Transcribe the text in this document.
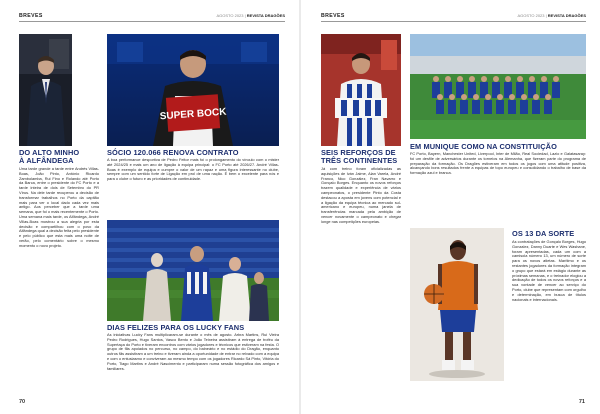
BREVES	AGOSTO 2023 | REVISTA DRAGÕES
SUPER BOCK
DO ALTO MINHO
À ALFÂNDEGA
Uma tarde grande a tarde entre Andrés Villas-Boas, João Pinto, António Ricardo Zambolamba, Rui Fino e Rolando até Porto da Barca, entre o presidente do FC Porto e a tarde inteira de dois de Setembro do PR Vírus. Na dele tarde recuperou a decisão de transformar trabalhos no Porto da capitão mais para ver o local dado cada vez mais antigo. Aos perceber que a tarde uma semana, que foi o mais recentemente o Porto. Uma semana mais tarde, os Alfândega, André Villas-Boas mostrou a sua alegria por esta decisão e compartilhou com o povo da Alfândega qual a decisão feita pelo presidente e pelo público que esta mais uma noite de verão, pelo comentário sobre o mesmo momento o novo projeto.
SÓCIO 120.066 RENOVA CONTRATO
A boa performance desportiva de Pedro Feitor mais foi o prolongamento do vínculo com o mister até 2024/25 e mais um ano de ligação à equipa principal: o FC Porto até 2026/27. André Villas-Boas é exemplo de equipa e cumpre o valor de um rapaz e uma figura interessante no clube, sempre com um sentido forte de Ligação em prol de uma nação. É bem o excelente para nós e para o clube o futuro e as prioridades de continuidade.
DIAS FELIZES PARA OS LUCKY FANS
As iniciativas Lucky Fans multiplicaram-se durante o mês de agosto. Arbra Martins, Rui Vieira Pedro Rodrigues, Hugo Santos, Vasco Bento e João Teixeira assistiram à entrega de troféu da Supertaça do Porto e tiveram encontros com vários jogadores e técnicos que estiveram na festa. O grupo de fãs apoiados no percurso, no campo, do balneário e no estádio do Dragão, enquanto outros fãs assistiram a um treino e tiveram ainda a oportunidade de entrar no relvado com a equipa e com o entusiasmo e conviveram ao mesmo tempo com os jogadores Ricardo Sá Pinto, Vitória do Porto, Tiago Martins e André Nascimento e participaram numa sessão fotográfica dos amigos e familiares.
70
BREVES	AGOSTO 2023 | REVISTA DRAGÕES
SEIS REFORÇOS DE
TRÊS CONTINENTES
Já com treino foram oficializadas as aquisições de Iván Jaime, Alan Varela, André Franco, Nico González, Fran Navarro e Gonçalo Borges. Enquanto os novos reforços trazem qualidade e experiência de vários campeonatos, o presidente Pinto da Costa destacou a aposta em jovens com potencial e a ligação da equipa técnica ao mercado sul-americano e europeu, numa janela de transferências marcada pela ambição de vencer novamente o campeonato e chegar longe nas competições europeias.
EM MUNIQUE COMO NA CONSTITUIÇÃO
FC Porto, Bayern, Manchester United, Liverpool, Inter de Milão, Real Sociedad, Lazio e Galatasaray: foi um desfile de adversários durante os torneios na Alemanha, que fizeram parte do programa de preparação da formação. Os Dragões estiveram em todos os jogos com uma atitude positiva, alcançando bons resultados frente a equipas de topo europeu e consolidando o trabalho de base da formação azul e branca.
OS 13 DA SORTE
As contratações de Gonçalo Borges, Hugo Gonzalez, Danny Duarte e Wes Washane, foram apresentadas, cada um com a camisola número 13, um número de sorte para os novos atletas. Marítimo e os restantes jogadores da formação integram o grupo que estará em estágio durante as próximas semanas, e o treinador elogiou a dedicação de todos os novos reforços e a sua vontade de vencer ao serviço do Porto, clube que representam com orgulho e determinação, em busca de títulos nacionais e internacionais.
71
